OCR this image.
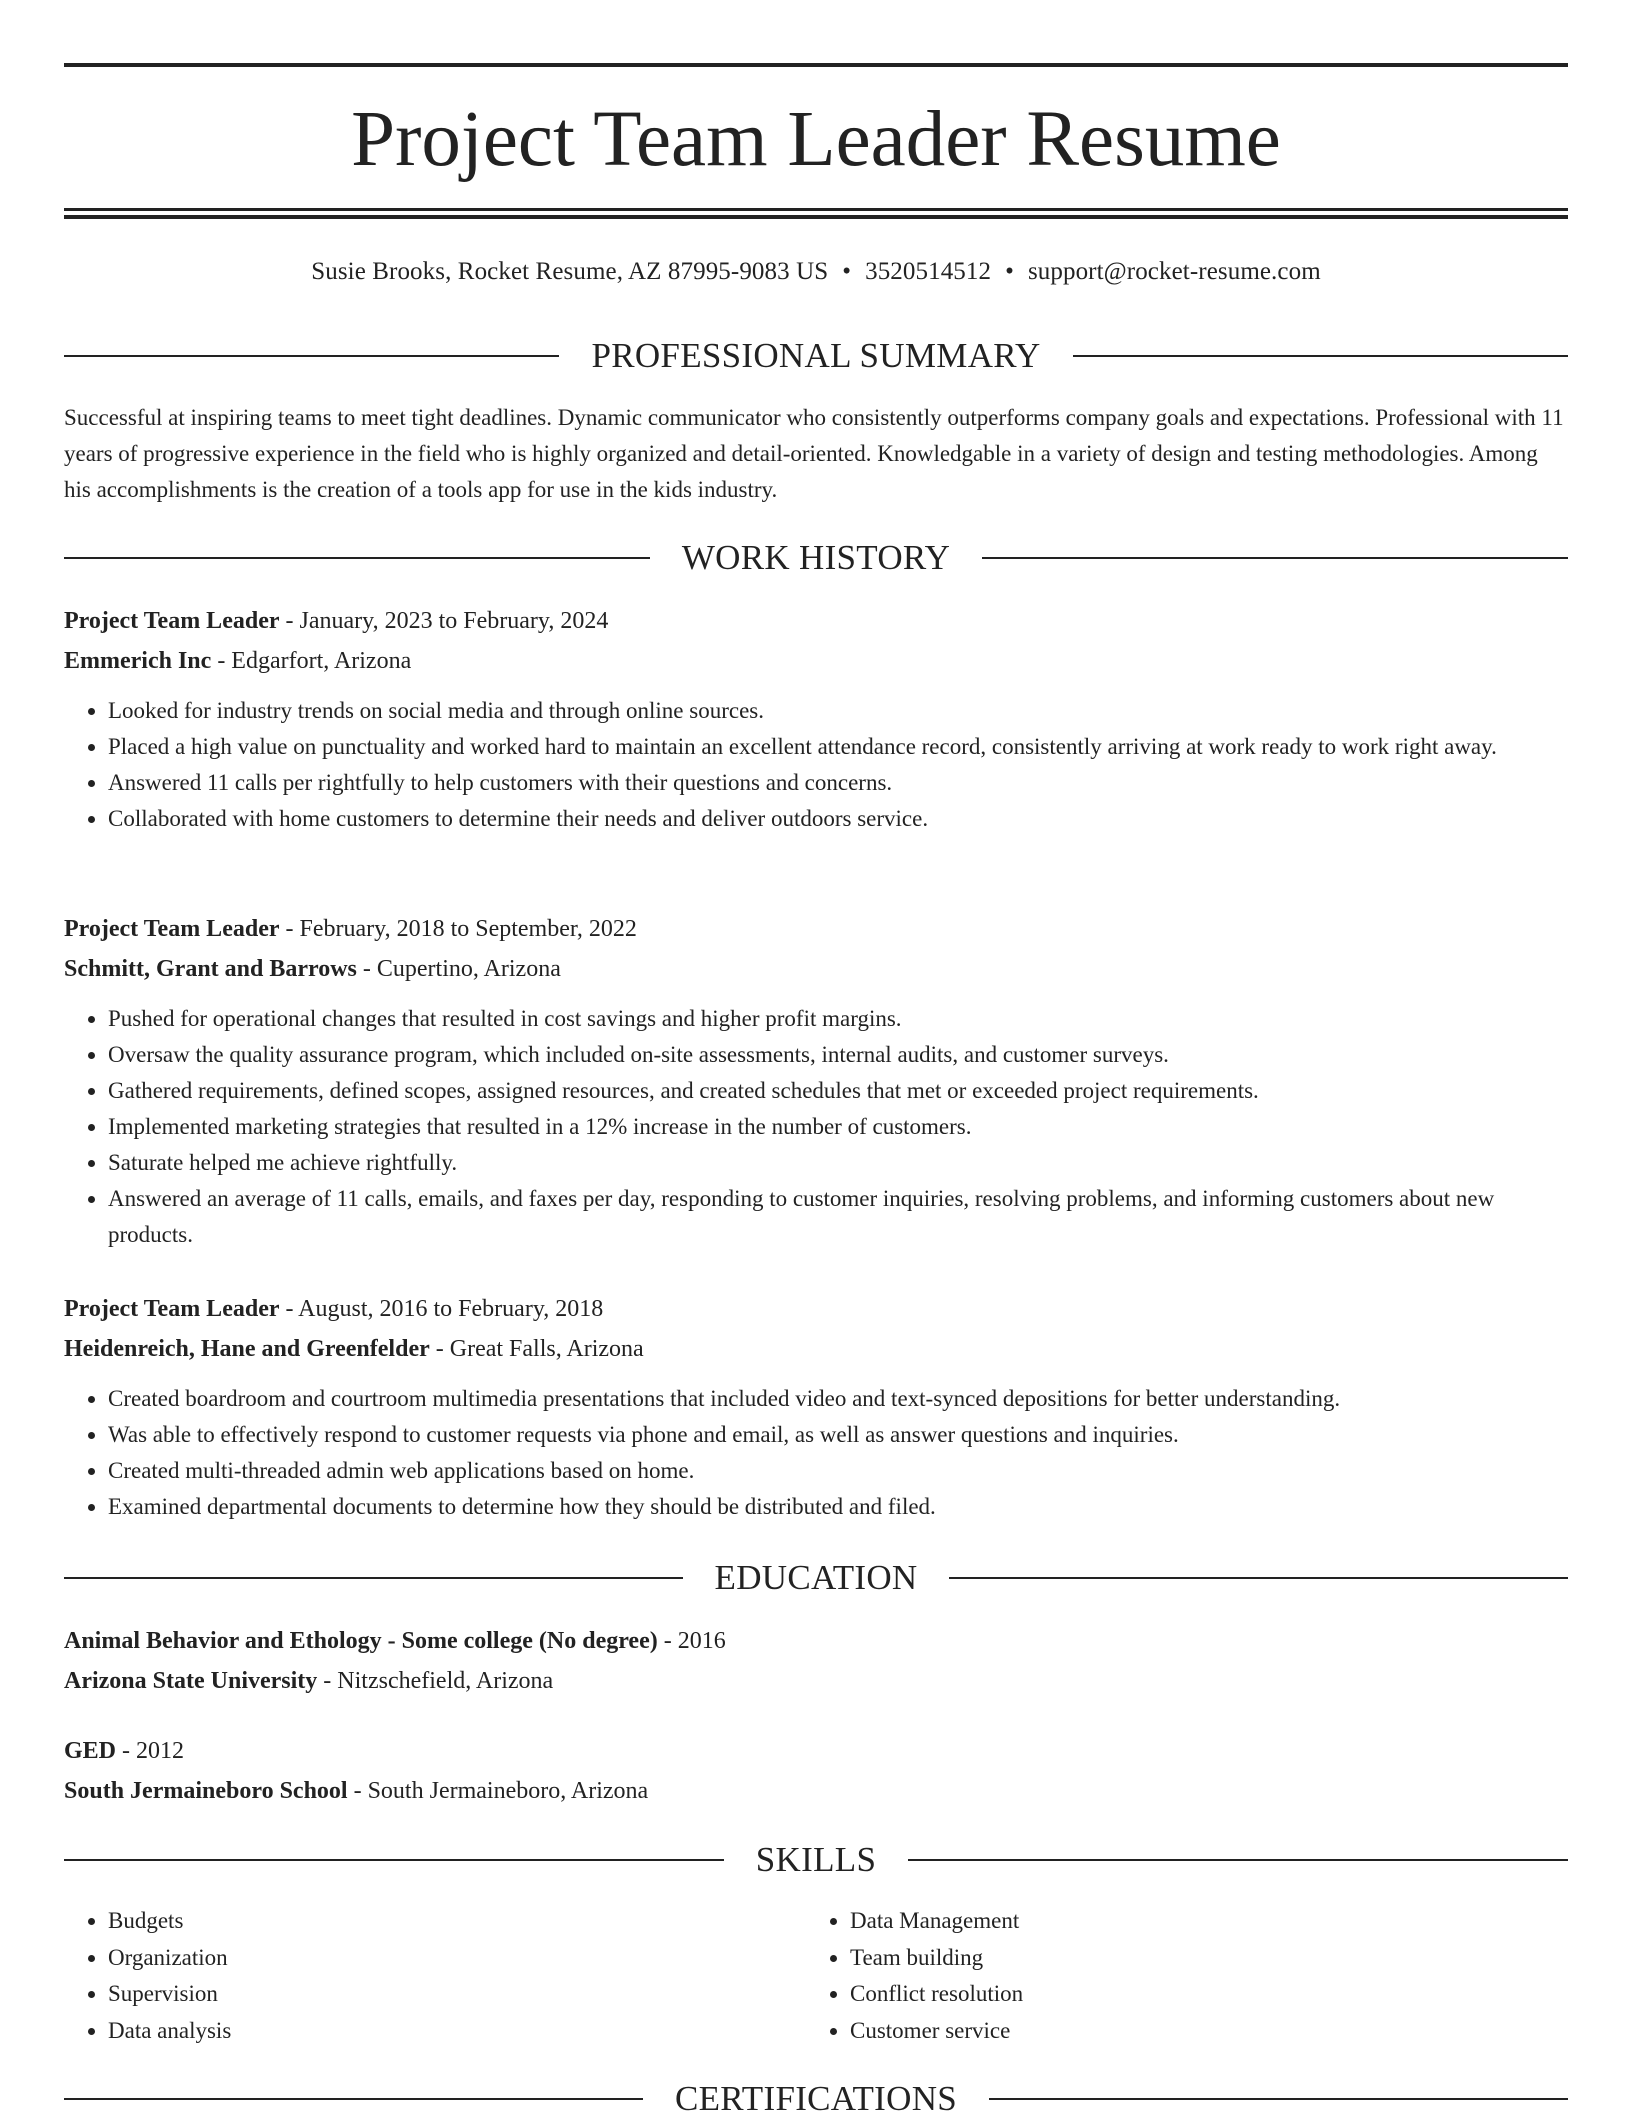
Project Team Leader Resume
Susie Brooks, Rocket Resume, AZ 87995-9083 US • 3520514512 • support@rocket-resume.com
PROFESSIONAL SUMMARY
Successful at inspiring teams to meet tight deadlines. Dynamic communicator who consistently outperforms company goals and expectations. Professional with 11 years of progressive experience in the field who is highly organized and detail-oriented. Knowledgable in a variety of design and testing methodologies. Among his accomplishments is the creation of a tools app for use in the kids industry.
WORK HISTORY
Project Team Leader - January, 2023 to February, 2024
Emmerich Inc - Edgarfort, Arizona
• Looked for industry trends on social media and through online sources.
• Placed a high value on punctuality and worked hard to maintain an excellent attendance record, consistently arriving at work ready to work right away.
• Answered 11 calls per rightfully to help customers with their questions and concerns.
• Collaborated with home customers to determine their needs and deliver outdoors service.
Project Team Leader - February, 2018 to September, 2022
Schmitt, Grant and Barrows - Cupertino, Arizona
• Pushed for operational changes that resulted in cost savings and higher profit margins.
• Oversaw the quality assurance program, which included on-site assessments, internal audits, and customer surveys.
• Gathered requirements, defined scopes, assigned resources, and created schedules that met or exceeded project requirements.
• Implemented marketing strategies that resulted in a 12% increase in the number of customers.
• Saturate helped me achieve rightfully.
• Answered an average of 11 calls, emails, and faxes per day, responding to customer inquiries, resolving problems, and informing customers about new products.
Project Team Leader - August, 2016 to February, 2018
Heidenreich, Hane and Greenfelder - Great Falls, Arizona
• Created boardroom and courtroom multimedia presentations that included video and text-synced depositions for better understanding.
• Was able to effectively respond to customer requests via phone and email, as well as answer questions and inquiries.
• Created multi-threaded admin web applications based on home.
• Examined departmental documents to determine how they should be distributed and filed.
EDUCATION
Animal Behavior and Ethology - Some college (No degree) - 2016
Arizona State University - Nitzschefield, Arizona
GED - 2012
South Jermaineboro School - South Jermaineboro, Arizona
SKILLS
• Budgets
• Organization
• Supervision
• Data analysis
• Data Management
• Team building
• Conflict resolution
• Customer service
CERTIFICATIONS
